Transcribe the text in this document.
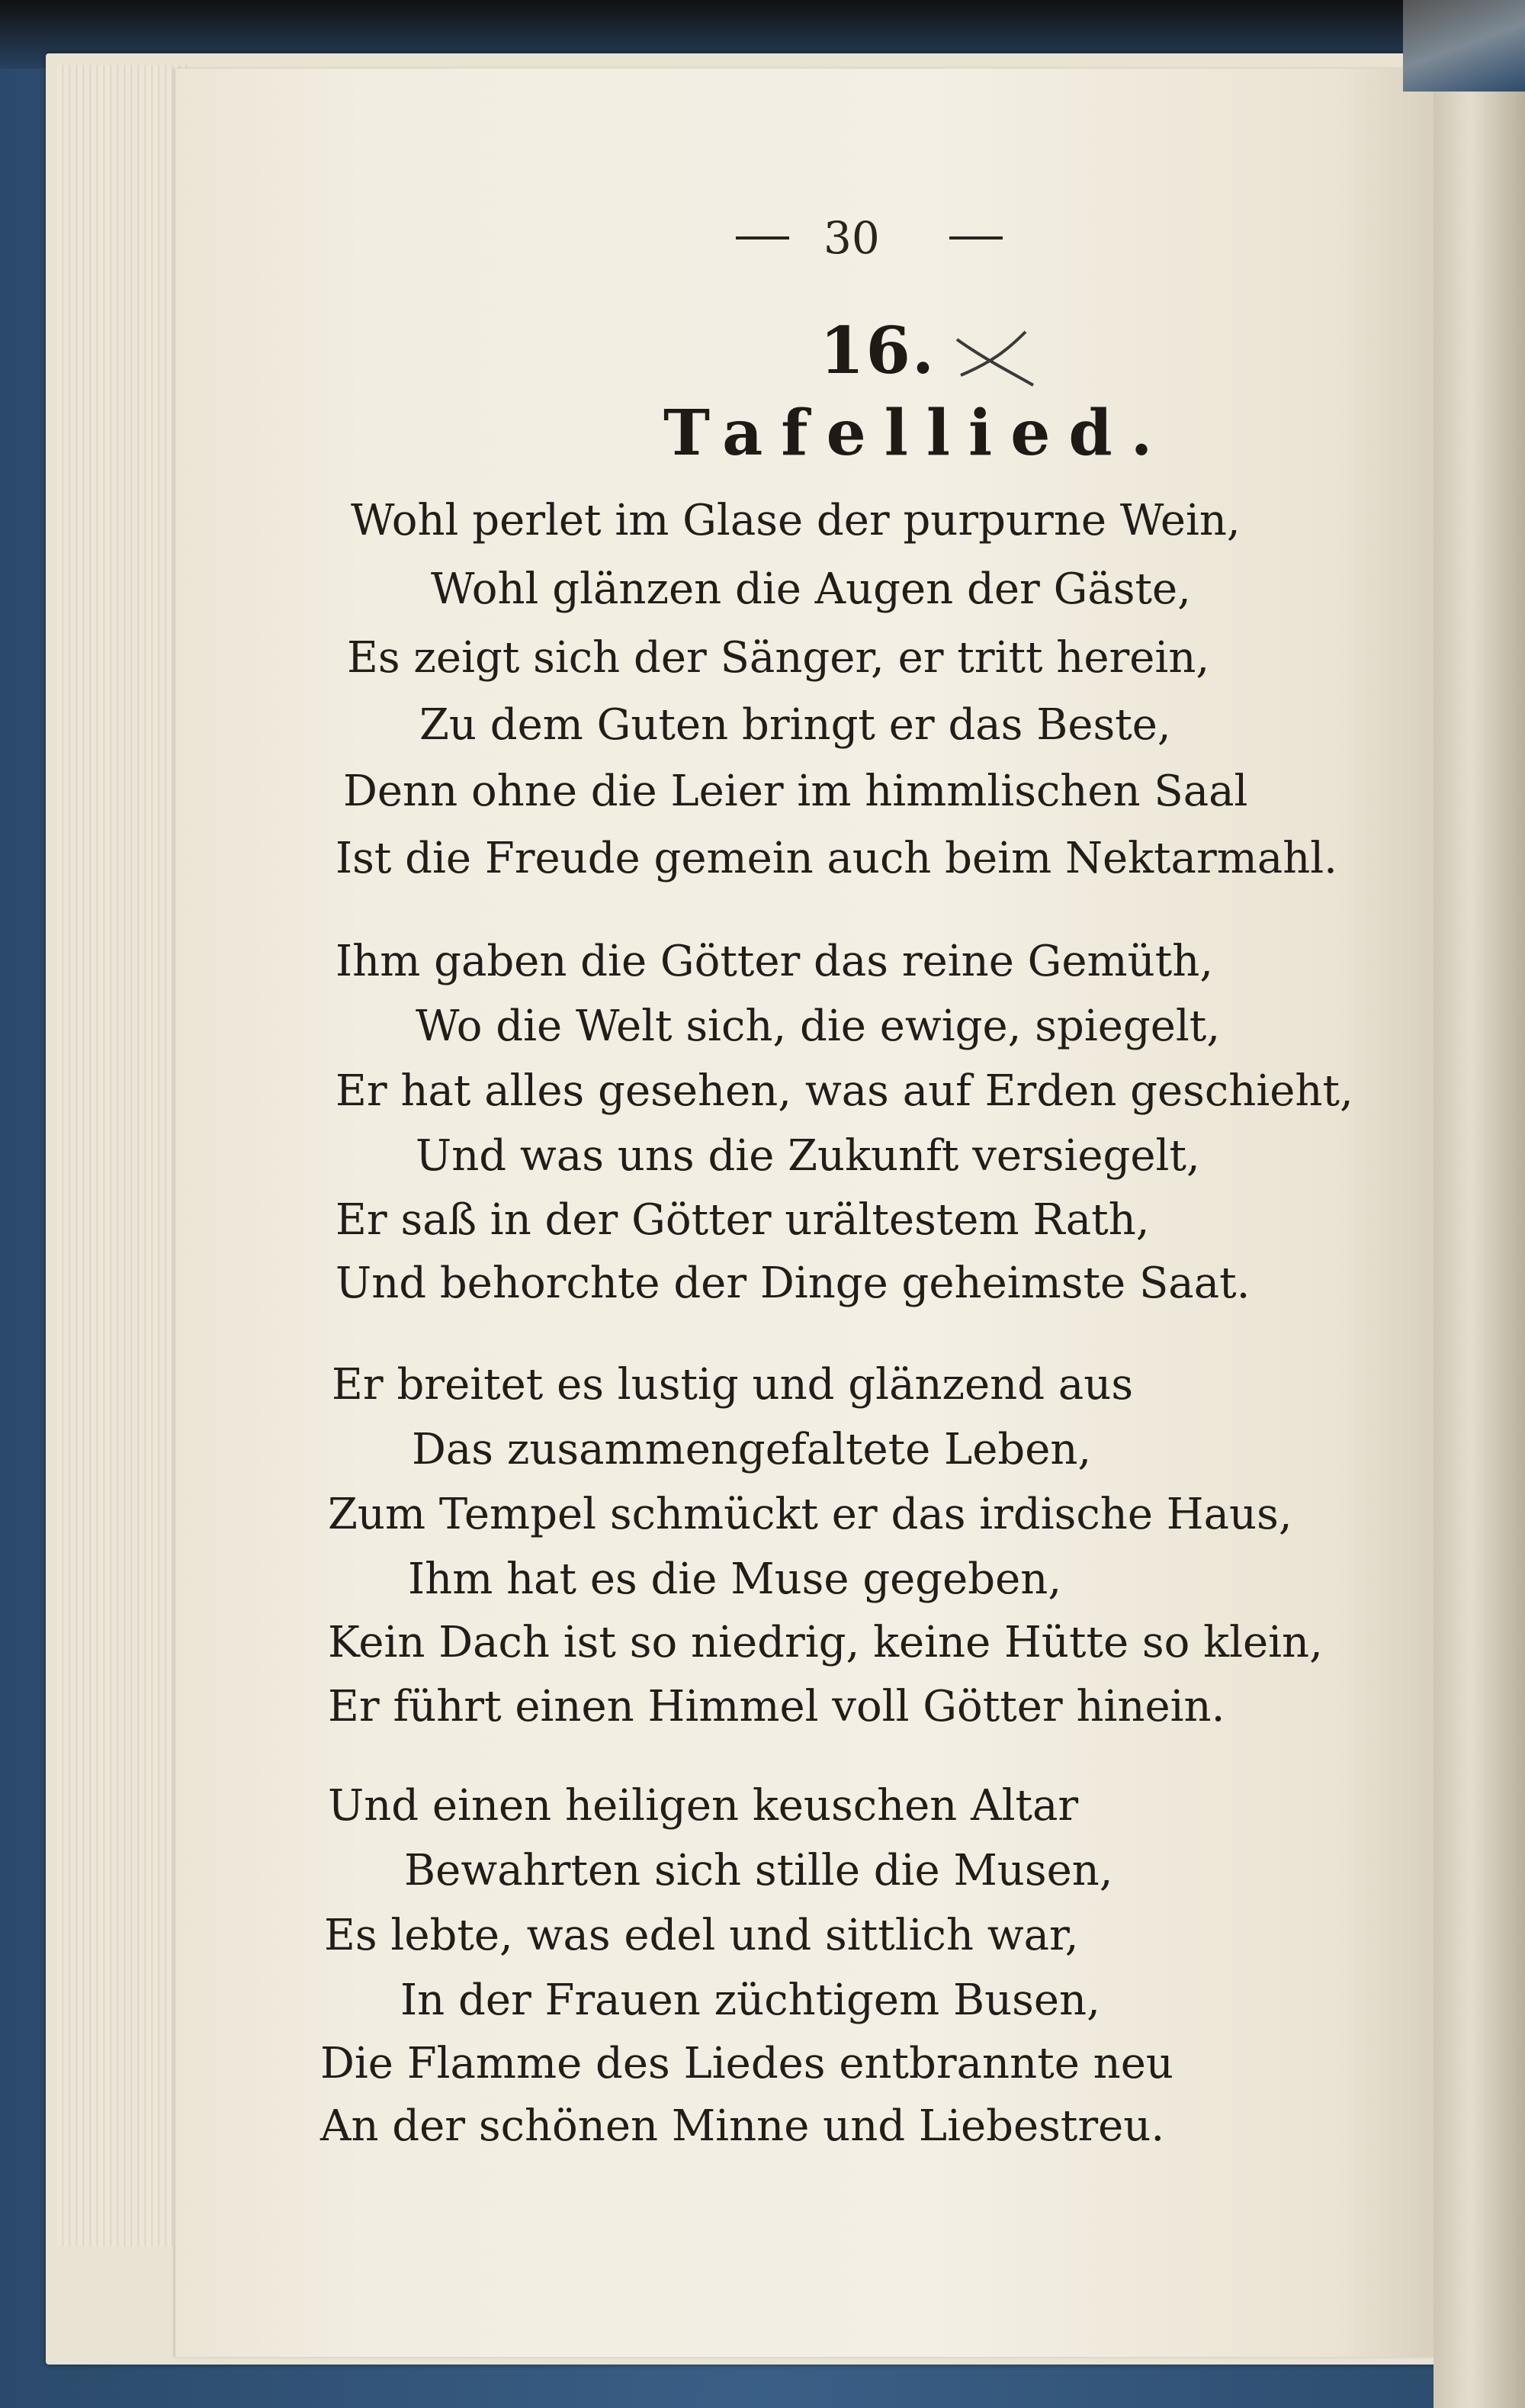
30
16.
Tafellied.
Wohl perlet im Glase der purpurne Wein,
Wohl glänzen die Augen der Gäste,
Es zeigt sich der Sänger, er tritt herein,
Zu dem Guten bringt er das Beste,
Denn ohne die Leier im himmlischen Saal
Ist die Freude gemein auch beim Nektarmahl.
Ihm gaben die Götter das reine Gemüth,
Wo die Welt sich, die ewige, spiegelt,
Er hat alles gesehen, was auf Erden geschieht,
Und was uns die Zukunft versiegelt,
Er saß in der Götter urältestem Rath,
Und behorchte der Dinge geheimste Saat.
Er breitet es lustig und glänzend aus
Das zusammengefaltete Leben,
Zum Tempel schmückt er das irdische Haus,
Ihm hat es die Muse gegeben,
Kein Dach ist so niedrig, keine Hütte so klein,
Er führt einen Himmel voll Götter hinein.
Und einen heiligen keuschen Altar
Bewahrten sich stille die Musen,
Es lebte, was edel und sittlich war,
In der Frauen züchtigem Busen,
Die Flamme des Liedes entbrannte neu
An der schönen Minne und Liebestreu.
